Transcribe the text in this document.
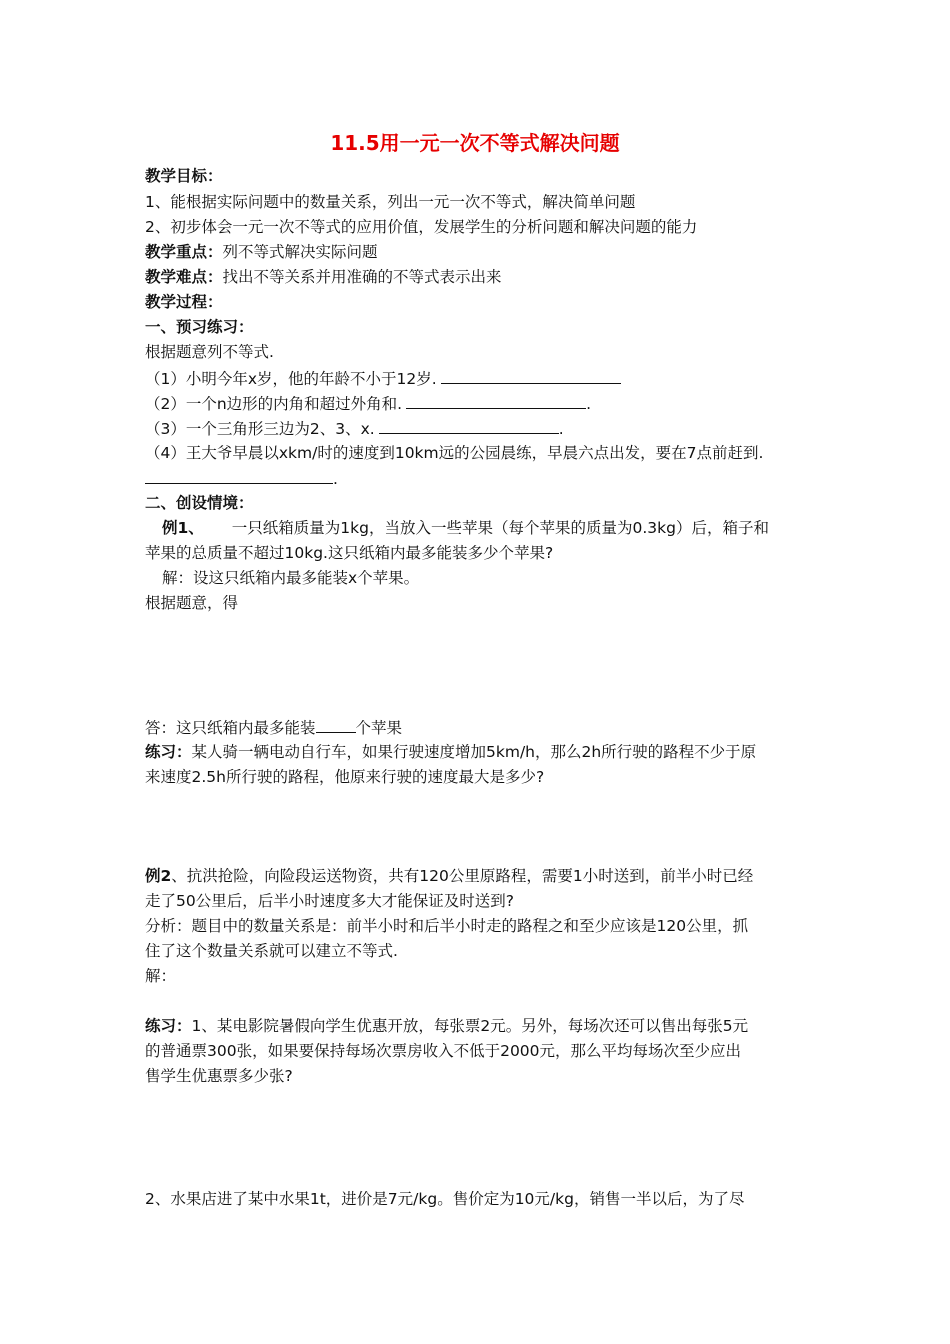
11.5用一元一次不等式解决问题
教学目标：
1、能根据实际问题中的数量关系，列出一元一次不等式，解决简单问题
2、初步体会一元一次不等式的应用价值，发展学生的分析问题和解决问题的能力
教学重点：列不等式解决实际问题
教学难点：找出不等关系并用准确的不等式表示出来
教学过程：
一、预习练习：
根据题意列不等式.
（1）小明今年x岁，他的年龄不小于12岁.
（2）一个n边形的内角和超过外角和.	.
（3）一个三角形三边为2、3、x.	.
（4）王大爷早晨以xkm/时的速度到10km远的公园晨练，早晨六点出发，要在7点前赶到.
.
二、创设情境：
例1、 一只纸箱质量为1kg，当放入一些苹果（每个苹果的质量为0.3kg）后，箱子和
苹果的总质量不超过10kg.这只纸箱内最多能装多少个苹果?
解：设这只纸箱内最多能装x个苹果。
根据题意，得
答：这只纸箱内最多能装	个苹果
练习：某人骑一辆电动自行车，如果行驶速度增加5km/h，那么2h所行驶的路程不少于原
来速度2.5h所行驶的路程，他原来行驶的速度最大是多少?
例2、抗洪抢险，向险段运送物资，共有120公里原路程，需要1小时送到，前半小时已经
走了50公里后，后半小时速度多大才能保证及时送到?
分析：题目中的数量关系是：前半小时和后半小时走的路程之和至少应该是120公里，抓
住了这个数量关系就可以建立不等式.
解：
练习：1、某电影院暑假向学生优惠开放，每张票2元。另外，每场次还可以售出每张5元
的普通票300张，如果要保持每场次票房收入不低于2000元，那么平均每场次至少应出
售学生优惠票多少张?
2、水果店进了某中水果1t，进价是7元/kg。售价定为10元/kg，销售一半以后，为了尽
